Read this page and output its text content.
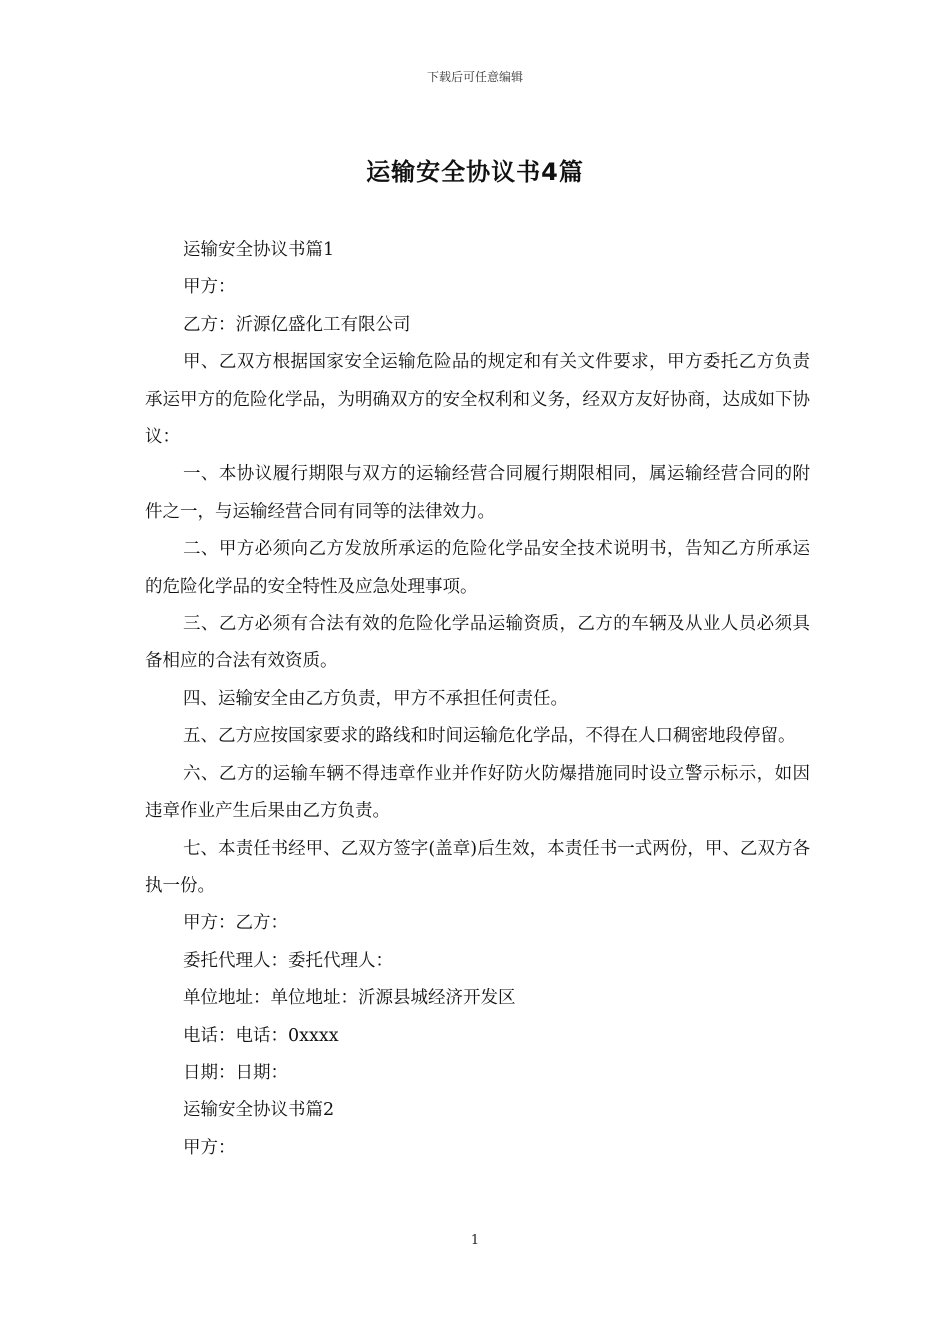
下载后可任意编辑
运输安全协议书4篇

运输安全协议书篇1

甲方：

乙方：沂源亿盛化工有限公司

甲、乙双方根据国家安全运输危险品的规定和有关文件要求，甲方委托乙方负责承运甲方的危险化学品，为明确双方的安全权利和义务，经双方友好协商，达成如下协议：

一、本协议履行期限与双方的运输经营合同履行期限相同，属运输经营合同的附件之一，与运输经营合同有同等的法律效力。

二、甲方必须向乙方发放所承运的危险化学品安全技术说明书，告知乙方所承运的危险化学品的安全特性及应急处理事项。

三、乙方必须有合法有效的危险化学品运输资质，乙方的车辆及从业人员必须具备相应的合法有效资质。

四、运输安全由乙方负责，甲方不承担任何责任。

五、乙方应按国家要求的路线和时间运输危化学品，不得在人口稠密地段停留。

六、乙方的运输车辆不得违章作业并作好防火防爆措施同时设立警示标示，如因违章作业产生后果由乙方负责。

七、本责任书经甲、乙双方签字(盖章)后生效，本责任书一式两份，甲、乙双方各执一份。

甲方：乙方：

委托代理人：委托代理人：

单位地址：单位地址：沂源县城经济开发区

电话：电话：0xxxx

日期：日期：

运输安全协议书篇2

甲方：

1
